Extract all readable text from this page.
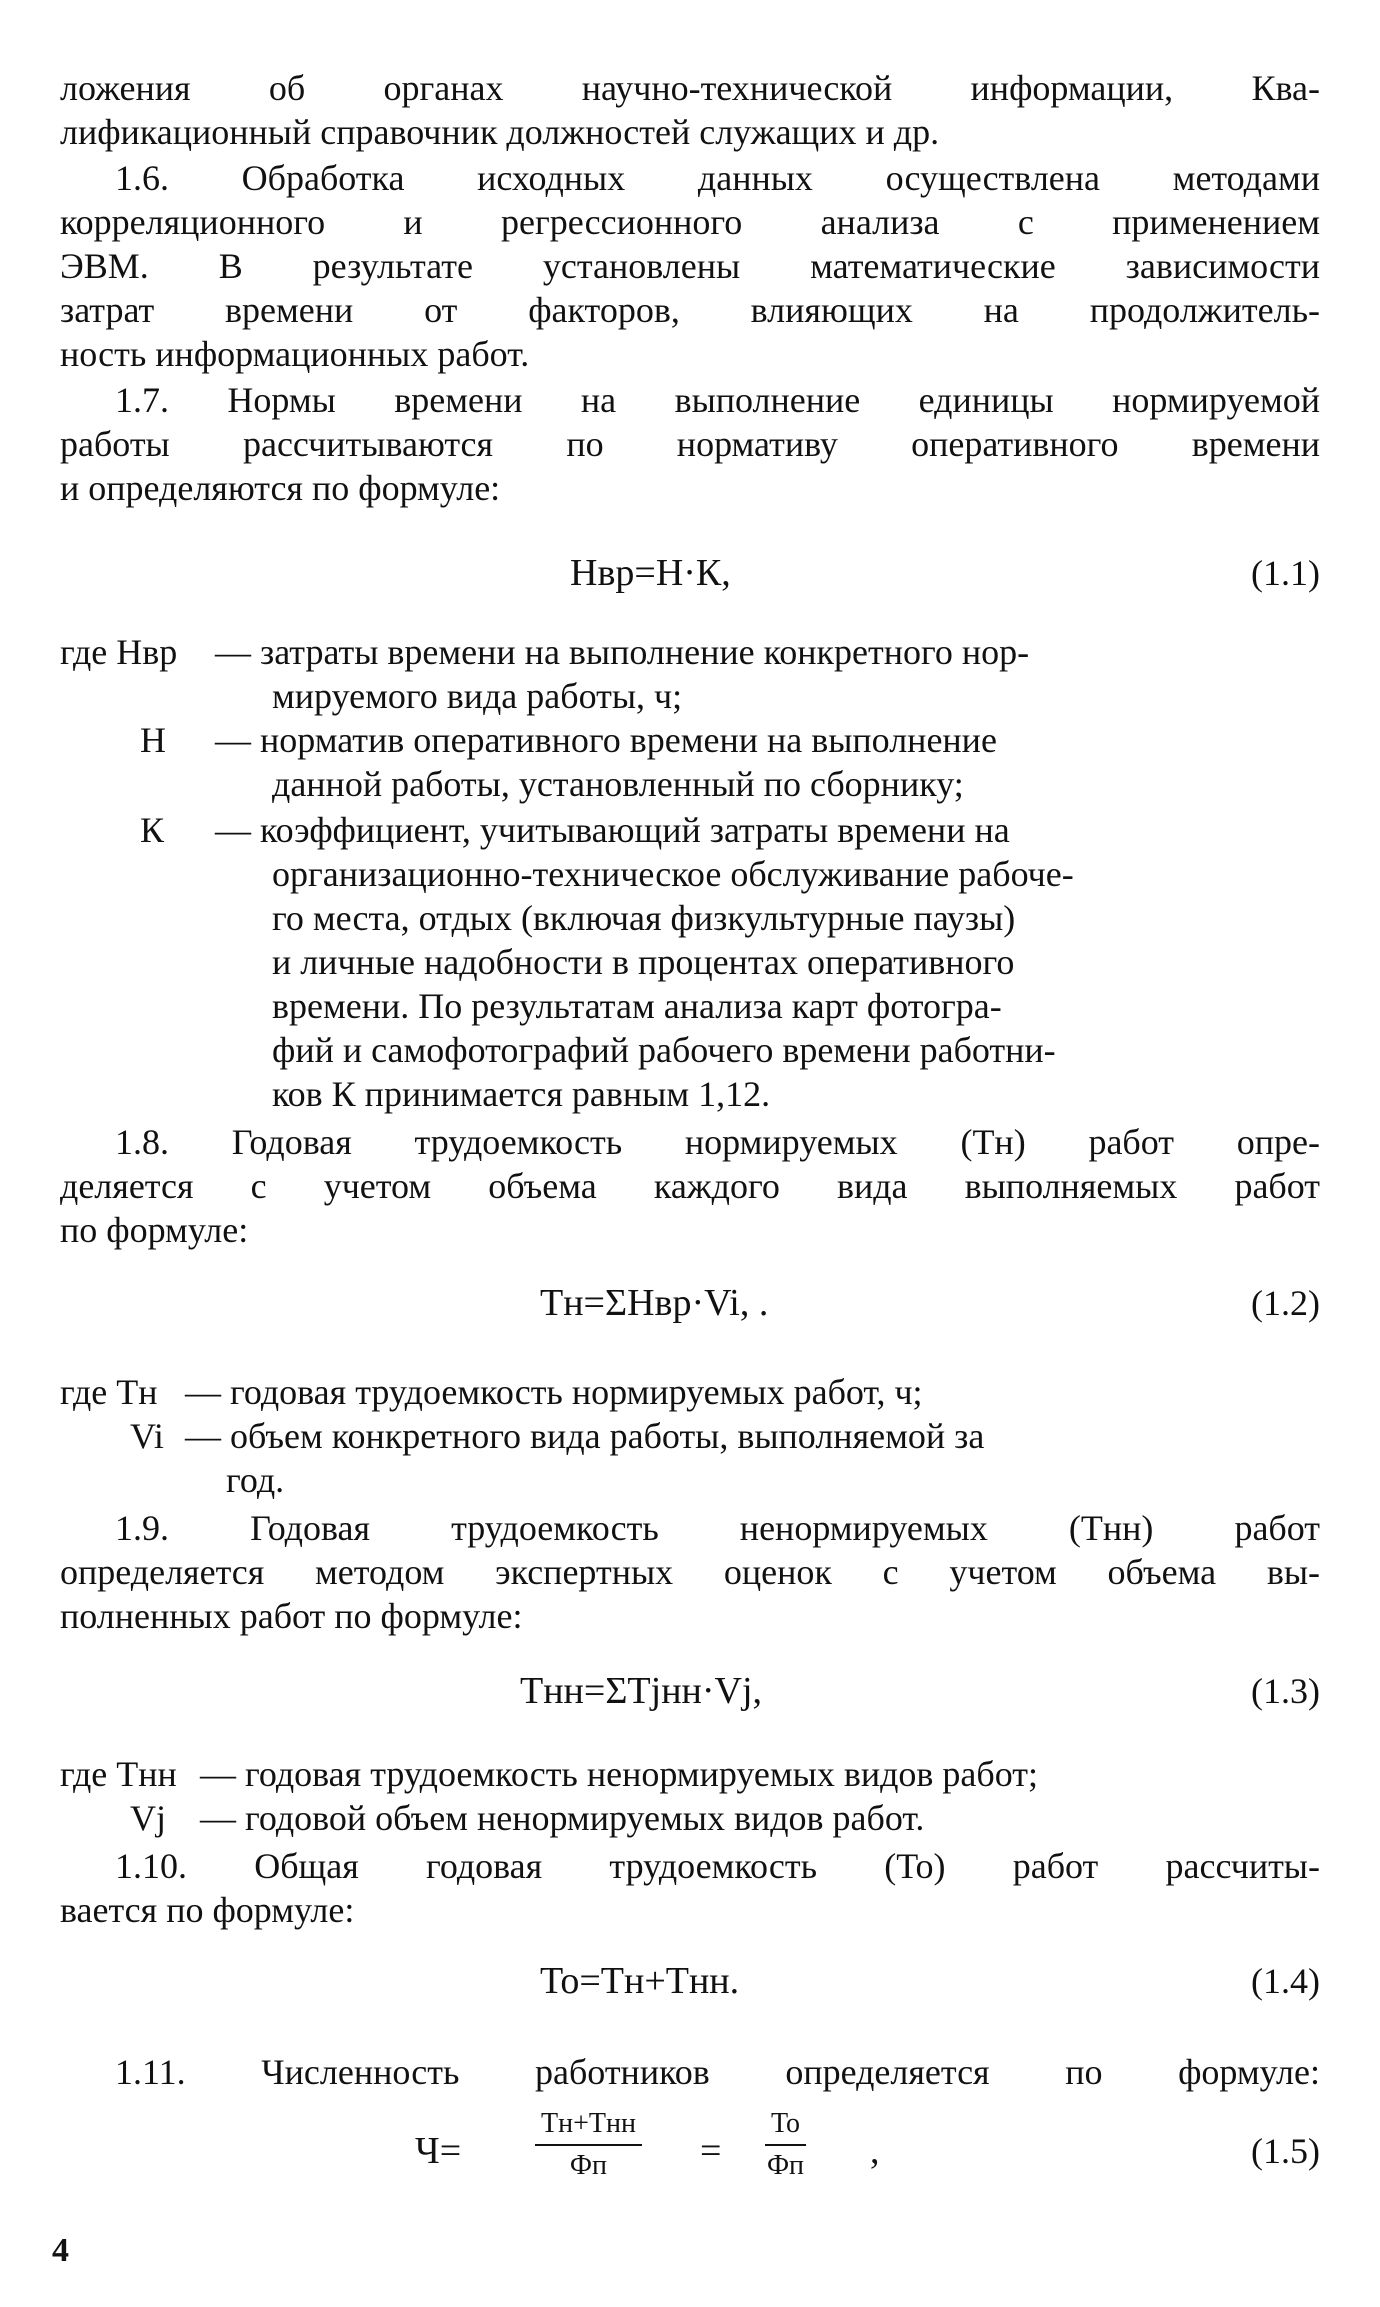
ложения об органах научно-технической информации, Ква-
лификационный справочник должностей служащих и др.
1.6. Обработка исходных данных осуществлена методами
корреляционного и регрессионного анализа с применением
ЭВМ. В результате установлены математические зависимости
затрат времени от факторов, влияющих на продолжитель-
ность информационных работ.
1.7. Нормы времени на выполнение единицы нормируемой
работы рассчитываются по нормативу оперативного времени
и определяются по формуле:
Нвр=Н·К,	(1.1)
где Нвр — затраты времени на выполнение конкретного нор-
мируемого вида работы, ч;
Н — норматив оперативного времени на выполнение
данной работы, установленный по сборнику;
К — коэффициент, учитывающий затраты времени на
организационно-техническое обслуживание рабоче-
го места, отдых (включая физкультурные паузы)
и личные надобности в процентах оперативного
времени. По результатам анализа карт фотогра-
фий и самофотографий рабочего времени работни-
ков К принимается равным 1,12.
1.8. Годовая трудоемкость нормируемых (Тн) работ опре-
деляется с учетом объема каждого вида выполняемых работ
по формуле:
Тн=ΣНвр·Vi, .	(1.2)
где Тн — годовая трудоемкость нормируемых работ, ч;
Vi — объем конкретного вида работы, выполняемой за
год.
1.9. Годовая трудоемкость ненормируемых (Тнн) работ
определяется методом экспертных оценок с учетом объема вы-
полненных работ по формуле:
Тнн=ΣТjнн·Vj,	(1.3)
где Тнн — годовая трудоемкость ненормируемых видов работ;
Vj — годовой объем ненормируемых видов работ.
1.10. Общая годовая трудоемкость (То) работ рассчиты-
вается по формуле:
То=Тн+Тнн.	(1.4)
1.11. Численность работников определяется по формуле:
Ч=
Тн+Тнн
Фп	=
То
Фп ,	(1.5)
4
